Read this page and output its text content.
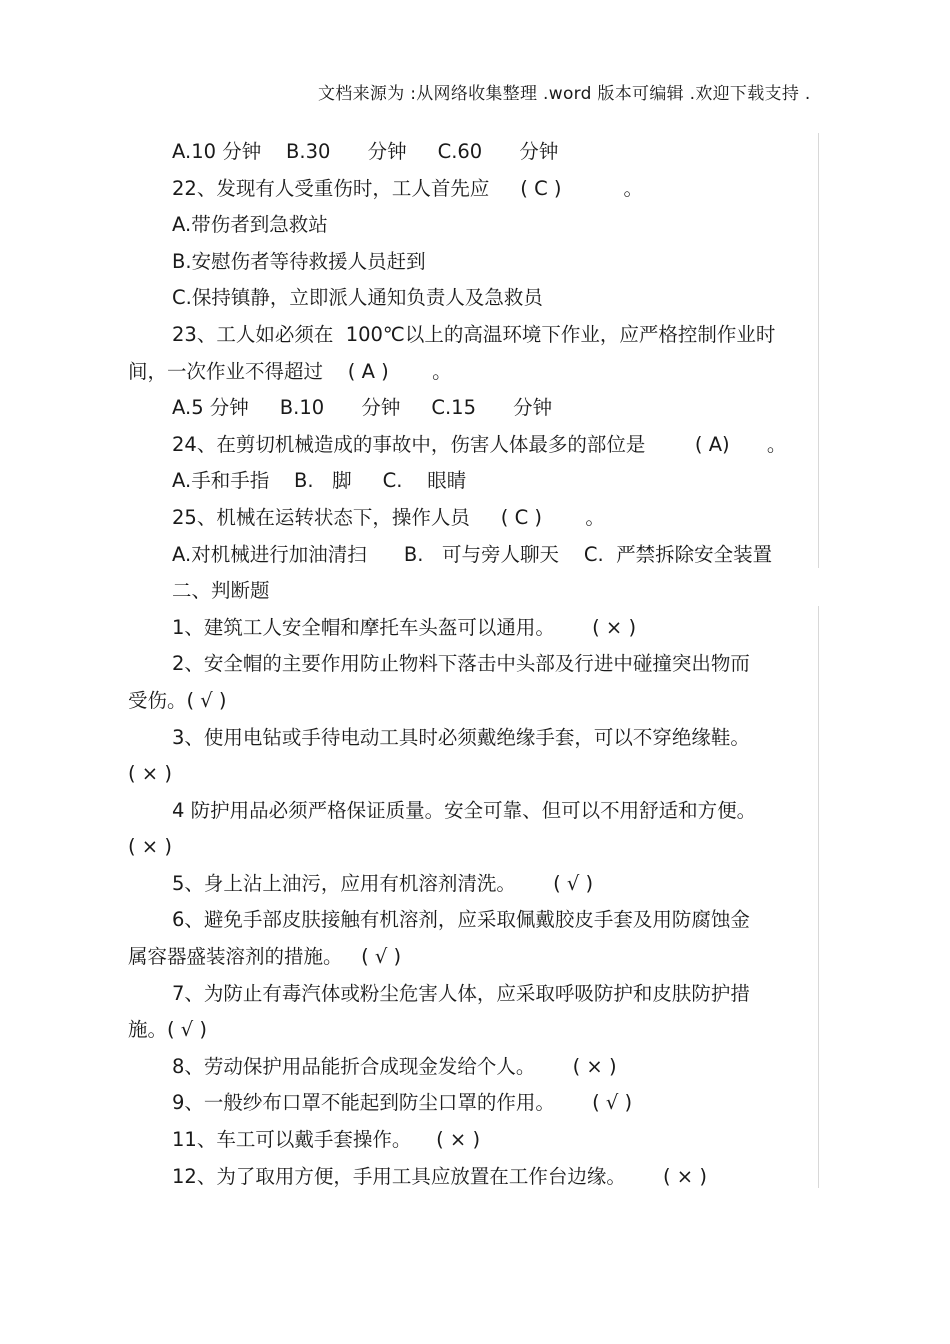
文档来源为 :从网络收集整理 .word 版本可编辑 .欢迎下载支持 .
A.10 分钟    B.30      分钟     C.60      分钟
22、发现有人受重伤时，工人首先应     ( C )          。
A.带伤者到急救站
B.安慰伤者等待救援人员赶到
C.保持镇静，立即派人通知负责人及急救员
23、工人如必须在  100℃以上的高温环境下作业，应严格控制作业时
间，一次作业不得超过    ( A )       。
A.5 分钟     B.10      分钟     C.15      分钟
24、在剪切机械造成的事故中，伤害人体最多的部位是        ( A)      。
A.手和手指    B.   脚     C.    眼睛
25、机械在运转状态下，操作人员     ( C )       。
A.对机械进行加油清扫      B.   可与旁人聊天    C.  严禁拆除安全装置
二、判断题
1、建筑工人安全帽和摩托车头盔可以通用。      ( × )
2、安全帽的主要作用防止物料下落击中头部及行进中碰撞突出物而
受伤。( √ )
3、使用电钻或手待电动工具时必须戴绝缘手套，可以不穿绝缘鞋。
( × )
4 防护用品必须严格保证质量。安全可靠、但可以不用舒适和方便。
( × )
5、身上沾上油污，应用有机溶剂清洗。      ( √ )
6、避免手部皮肤接触有机溶剂，应采取佩戴胶皮手套及用防腐蚀金
属容器盛装溶剂的措施。   ( √ )
7、为防止有毒汽体或粉尘危害人体，应采取呼吸防护和皮肤防护措
施。( √ )
8、劳动保护用品能折合成现金发给个人。      ( × )
9、一般纱布口罩不能起到防尘口罩的作用。      ( √ )
11、车工可以戴手套操作。    ( × )
12、为了取用方便，手用工具应放置在工作台边缘。      ( × )
